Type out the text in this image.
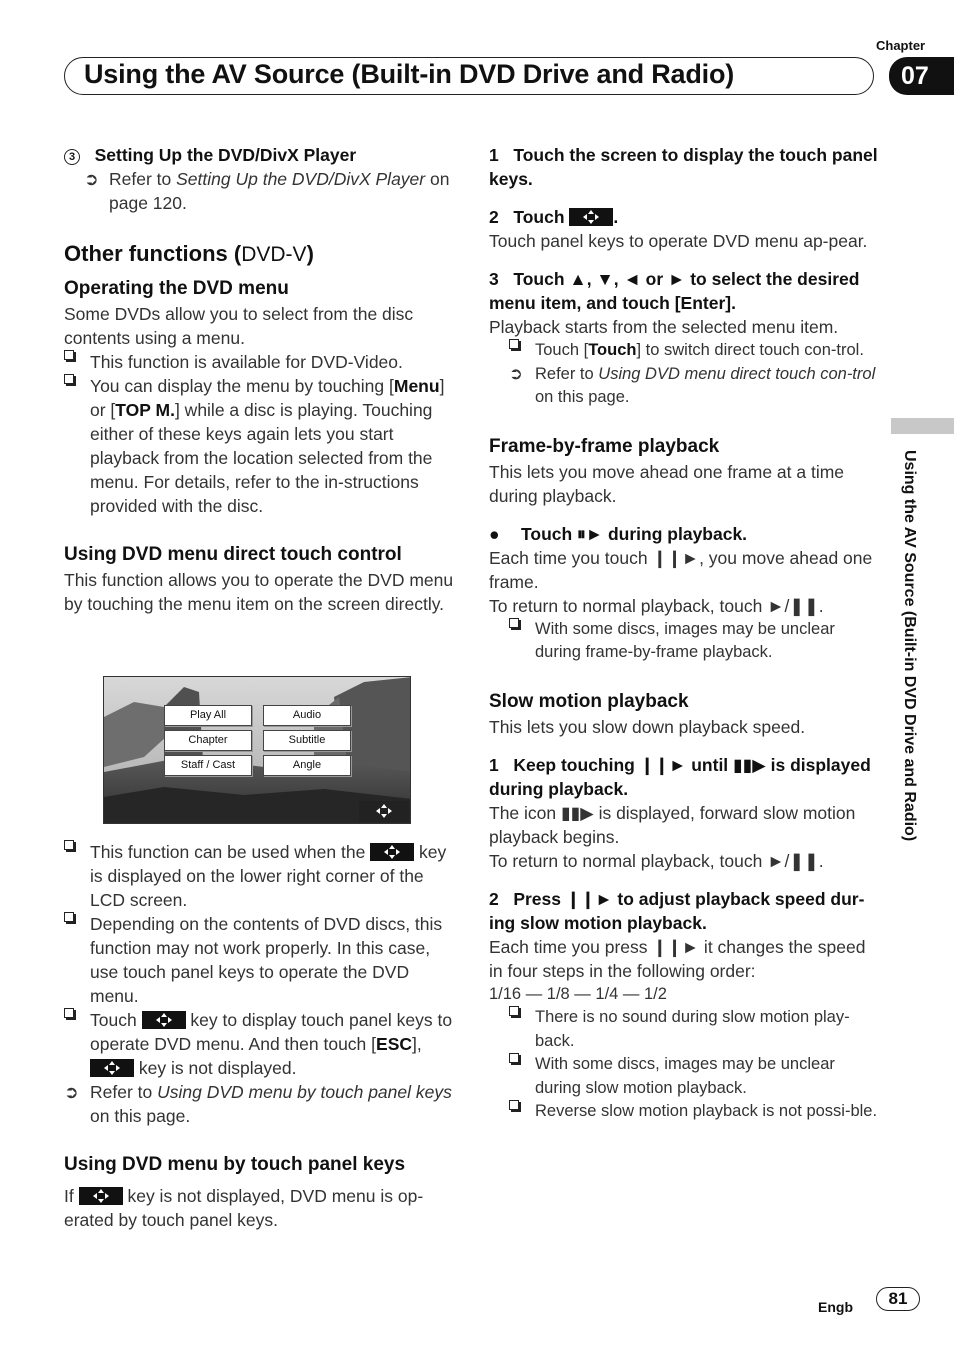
Chapter
Using the AV Source (Built-in DVD Drive and Radio)	07
Using the AV Source (Built-in DVD Drive and Radio)
3 Setting Up the DVD/DivX Player
➲ Refer to Setting Up the DVD/DivX Player on page 120.
Other functions (DVD-V)
Operating the DVD menu
Some DVDs allow you to select from the disc contents using a menu.
This function is available for DVD-Video.
You can display the menu by touching [Menu] or [TOP M.] while a disc is playing. Touching either of these keys again lets you start playback from the location selected from the menu. For details, refer to the in-structions provided with the disc.
Using DVD menu direct touch control
This function allows you to operate the DVD menu by touching the menu item on the screen directly.
Play All	Audio
Chapter	Subtitle
Staff / Cast	Angle
This function can be used when the	key is displayed on the lower right corner of the LCD screen.
Depending on the contents of DVD discs, this function may not work properly. In this case, use touch panel keys to operate the DVD menu.
Touch	key to display touch panel keys to operate DVD menu. And then touch [ESC],
key is not displayed.
➲ Refer to Using DVD menu by touch panel keys on this page.
Using DVD menu by touch panel keys
If	key is not displayed, DVD menu is op-erated by touch panel keys.
1 Touch the screen to display the touch panel keys.
2 Touch	.
Touch panel keys to operate DVD menu ap-pear.
3 Touch ▲, ▼, ◄ or ► to select the desired menu item, and touch [Enter].
Playback starts from the selected menu item.
Touch [Touch] to switch direct touch con-trol.
➲ Refer to Using DVD menu direct touch con-trol on this page.
Frame-by-frame playback
This lets you move ahead one frame at a time during playback.
● Touch ⏸► during playback.
Each time you touch ❙❙►, you move ahead one frame.
To return to normal playback, touch ►/❚❚.
With some discs, images may be unclear during frame-by-frame playback.
Slow motion playback
This lets you slow down playback speed.
1 Keep touching ❙❙► until ▮▮▶ is displayed during playback.
The icon ▮▮▶ is displayed, forward slow motion playback begins.
To return to normal playback, touch ►/❚❚.
2 Press ❙❙► to adjust playback speed dur-ing slow motion playback.
Each time you press ❙❙► it changes the speed in four steps in the following order:
1/16 — 1/8 — 1/4 — 1/2
There is no sound during slow motion play-back.
With some discs, images may be unclear during slow motion playback.
Reverse slow motion playback is not possi-ble.
Engb	81
